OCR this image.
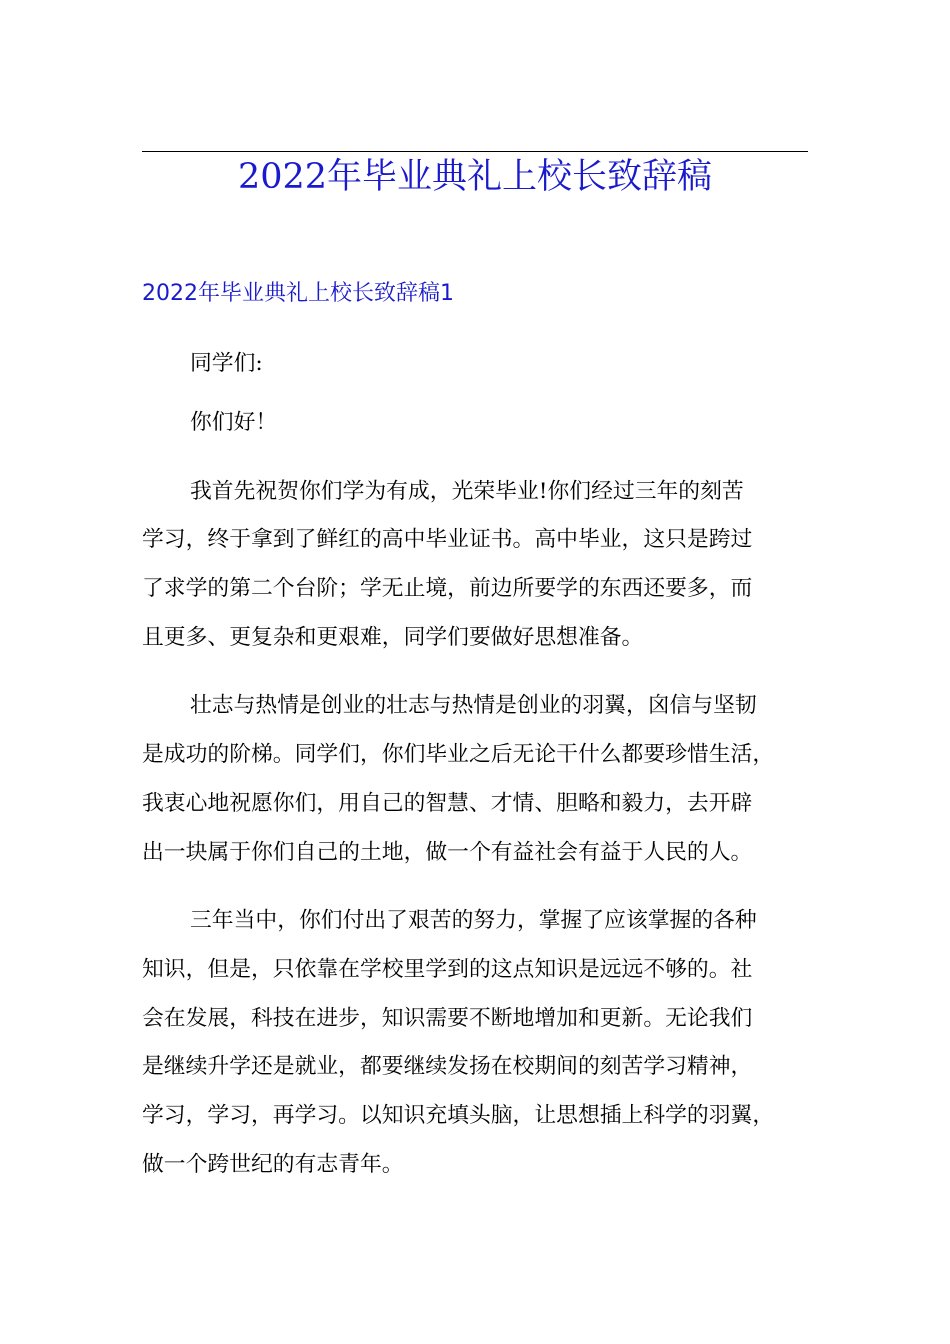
2022年毕业典礼上校长致辞稿
2022年毕业典礼上校长致辞稿1
同学们:
你们好！
我首先祝贺你们学为有成，光荣毕业!你们经过三年的刻苦
学习，终于拿到了鲜红的高中毕业证书。高中毕业，这只是跨过
了求学的第二个台阶；学无止境，前边所要学的东西还要多，而
且更多、更复杂和更艰难，同学们要做好思想准备。
壮志与热情是创业的壮志与热情是创业的羽翼，囟信与坚韧
是成功的阶梯。同学们，你们毕业之后无论干什么都要珍惜生活，
我衷心地祝愿你们，用自己的智慧、才情、胆略和毅力，去开辟
出一块属于你们自己的土地，做一个有益社会有益于人民的人。
三年当中，你们付出了艰苦的努力，掌握了应该掌握的各种
知识，但是，只依靠在学校里学到的这点知识是远远不够的。社
会在发展，科技在进步，知识需要不断地增加和更新。无论我们
是继续升学还是就业，都要继续发扬在校期间的刻苦学习精神，
学习，学习，再学习。以知识充填头脑，让思想插上科学的羽翼，
做一个跨世纪的有志青年。
